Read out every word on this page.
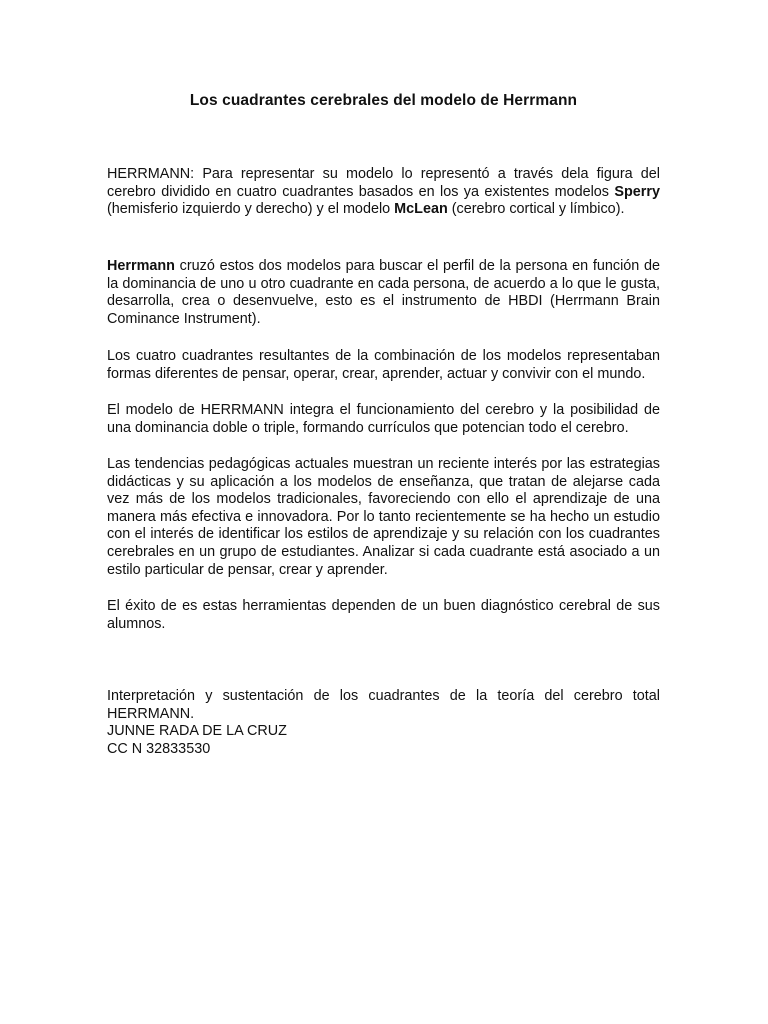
Los cuadrantes cerebrales del modelo de Herrmann

HERRMANN: Para representar su modelo lo representó a través dela figura del cerebro dividido en cuatro cuadrantes basados en los ya existentes modelos Sperry (hemisferio izquierdo y derecho) y el modelo McLean (cerebro cortical y límbico).

Herrmann cruzó estos dos modelos para buscar el perfil de la persona en función de la dominancia de uno u otro cuadrante en cada persona, de acuerdo a lo que le gusta, desarrolla, crea o desenvuelve, esto es el instrumento de HBDI (Herrmann Brain Cominance Instrument).

Los cuatro cuadrantes resultantes de la combinación de los modelos representaban formas diferentes de pensar, operar, crear, aprender, actuar y convivir con el mundo.

El modelo de HERRMANN integra el funcionamiento del cerebro y la posibilidad de una dominancia doble o triple, formando currículos que potencian todo el cerebro.

Las tendencias pedagógicas actuales muestran un reciente interés por las estrategias didácticas y su aplicación a los modelos de enseñanza, que tratan de alejarse cada vez más de los modelos tradicionales, favoreciendo con ello el aprendizaje de una manera más efectiva e innovadora. Por lo tanto recientemente se ha hecho un estudio con el interés de identificar los estilos de aprendizaje y su relación con los cuadrantes cerebrales en un grupo de estudiantes. Analizar si cada cuadrante está asociado a un estilo particular de pensar, crear y aprender.

El éxito de es estas herramientas dependen de un buen diagnóstico cerebral de sus alumnos.

Interpretación y sustentación de los cuadrantes de la teoría del cerebro total HERRMANN.

JUNNE RADA DE LA CRUZ

CC N 32833530
